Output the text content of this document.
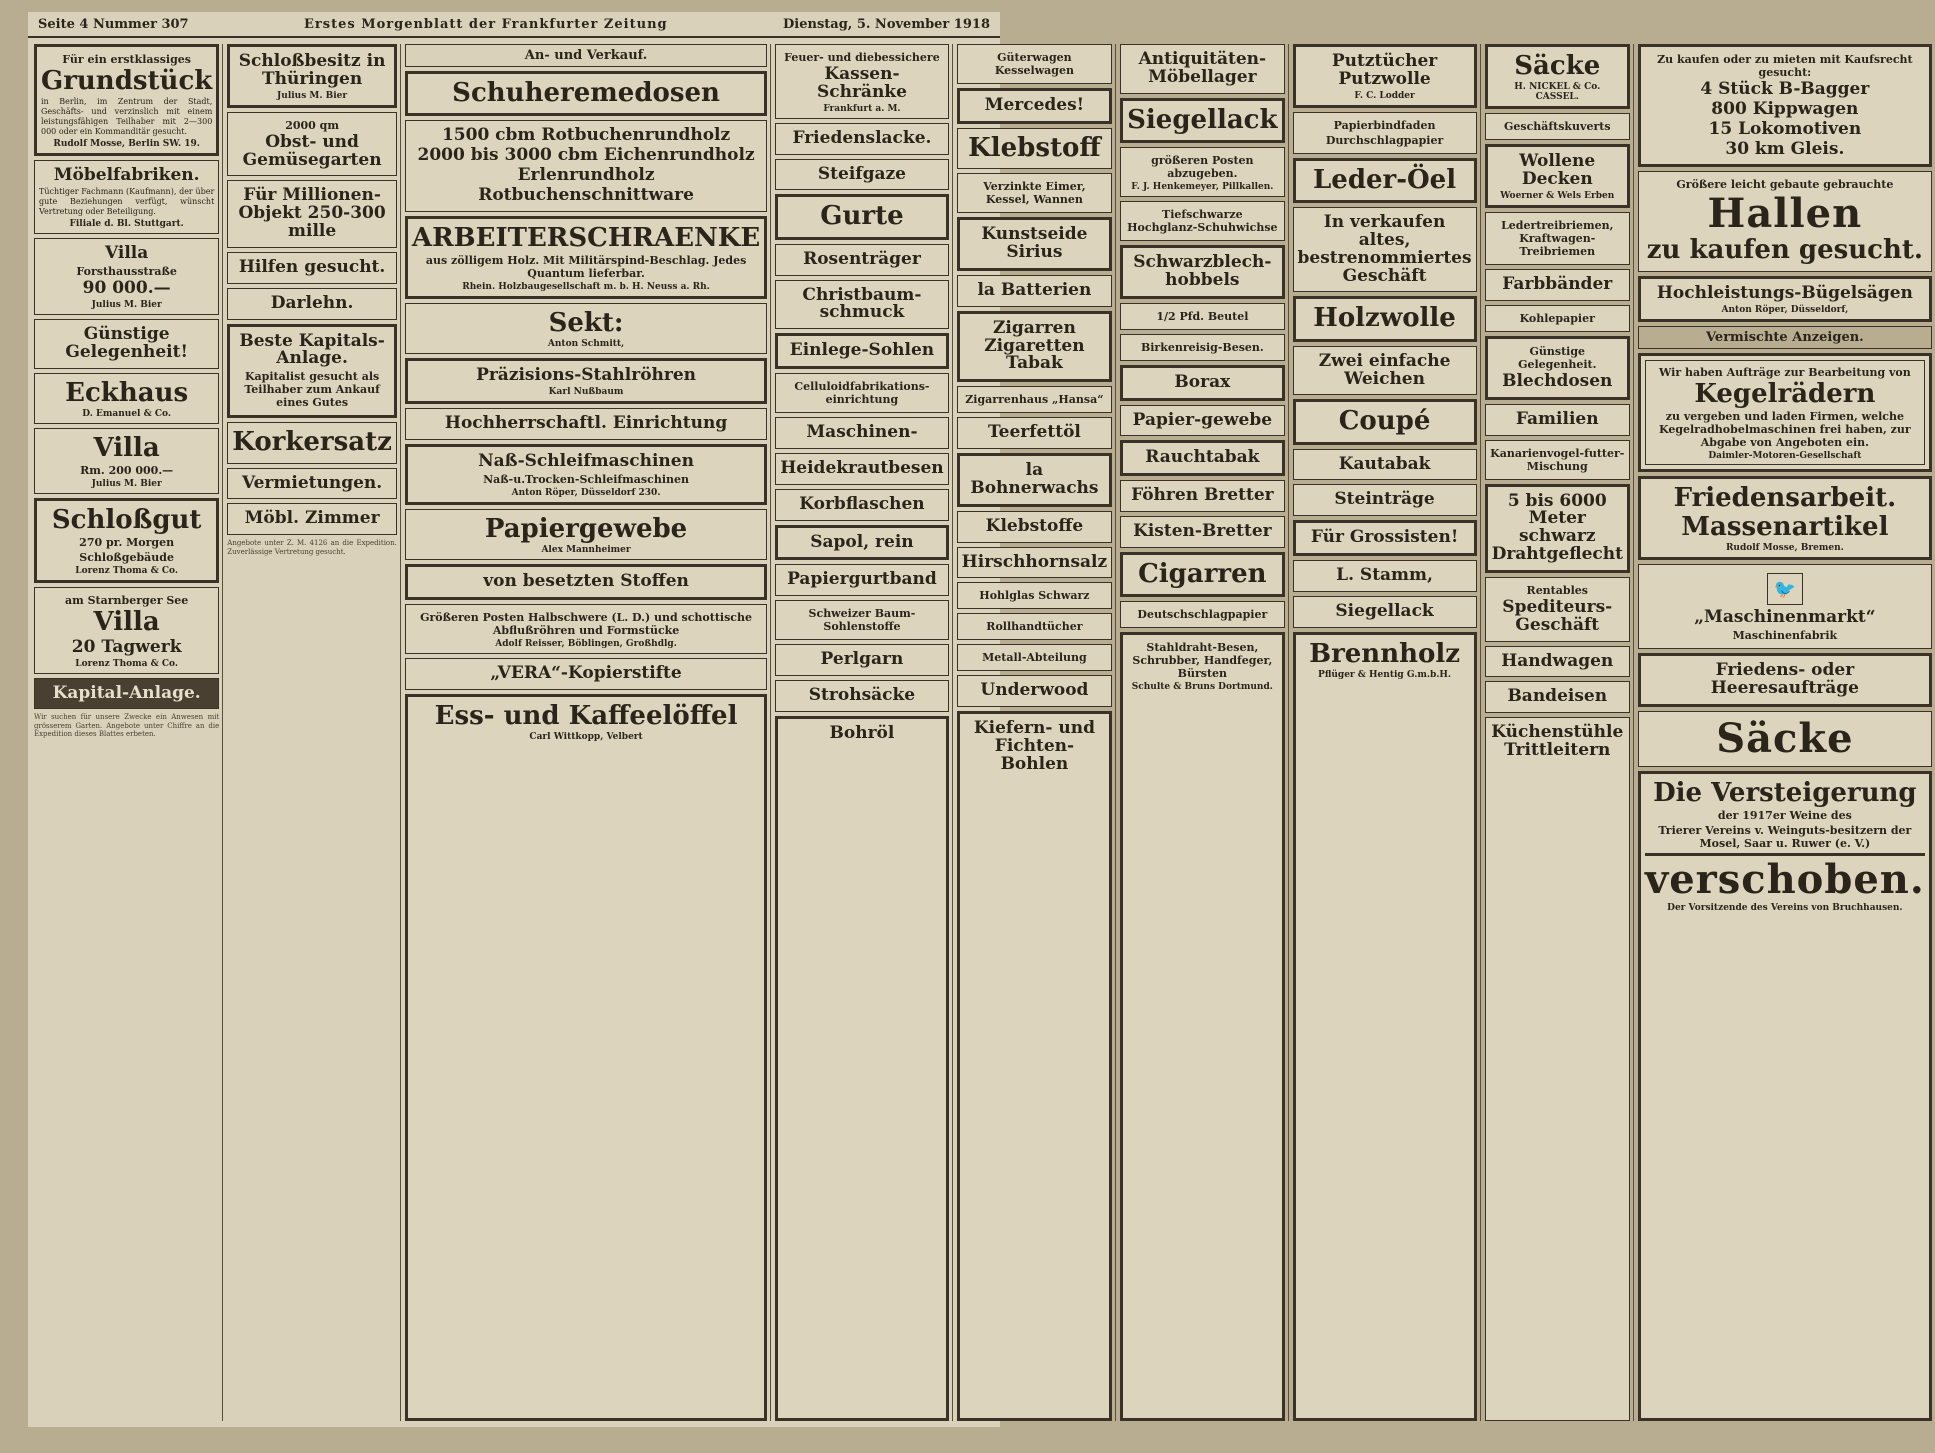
Seite 4 Nummer 307	Erstes Morgenblatt der Frankfurter Zeitung	Dienstag, 5. November 1918
Für ein erstklassiges
Grundstück
in Berlin, im Zentrum der Stadt, Geschäfts- und verzinslich mit einem leistungsfähigen Teilhaber mit 2—300 000 oder ein Kommanditär gesucht.
Rudolf Mosse, Berlin SW. 19.
Möbelfabriken.
Tüchtiger Fachmann (Kaufmann), der über gute Beziehungen verfügt, wünscht Vertretung oder Beteiligung.
Filiale d. Bl. Stuttgart.
Villa
Forsthausstraße
90 000.—
Julius M. Bier
Günstige Gelegenheit!
Eckhaus
D. Emanuel & Co.
Villa
Rm. 200 000.—
Julius M. Bier
Schloßgut
270 pr. Morgen
Schloßgebäude
Lorenz Thoma & Co.
am Starnberger See
Villa
20 Tagwerk
Lorenz Thoma & Co.
Kapital-Anlage.
Wir suchen für unsere Zwecke ein Anwesen mit grösserem Garten. Angebote unter Chiffre an die Expedition dieses Blattes erbeten.
Schloßbesitz in Thüringen
Julius M. Bier
2000 qm
Obst- und Gemüsegarten
Für Millionen-Objekt 250-300 mille
Hilfen gesucht.
Darlehn.
Beste Kapitals-Anlage.
Kapitalist gesucht als Teilhaber zum Ankauf eines Gutes
Korkersatz
Vermietungen.
Möbl. Zimmer
Angebote unter Z. M. 4126 an die Expedition. Zuverlässige Vertretung gesucht.
An- und Verkauf.
Schuheremedosen
1500 cbm Rotbuchenrundholz
2000 bis 3000 cbm Eichenrundholz
Erlenrundholz
Rotbuchenschnittware
ARBEITERSCHRAENKE
aus zölligem Holz. Mit Militärspind-Beschlag. Jedes Quantum lieferbar.
Rhein. Holzbaugesellschaft m. b. H. Neuss a. Rh.
Sekt:
Anton Schmitt,
Präzisions-Stahlröhren
Karl Nußbaum
Hochherrschaftl. Einrichtung
Naß-Schleifmaschinen
Naß-u.Trocken-Schleifmaschinen
Anton Röper, Düsseldorf 230.
Papiergewebe
Alex Mannheimer
von besetzten Stoffen
Größeren Posten Halbschwere (L. D.) und schottische Abflußröhren und Formstücke
Adolf Reisser, Böblingen, Großhdlg.
„VERA“-Kopierstifte
Ess- und Kaffeelöffel
Carl Wittkopp, Velbert
Feuer- und diebessichere
Kassen-Schränke
Frankfurt a. M.
Friedenslacke.
Steifgaze
Gurte
Rosenträger
Christbaum-schmuck
Einlege-Sohlen
Celluloidfabrikations-einrichtung
Maschinen-
Heidekrautbesen
Korbflaschen
Sapol, rein
Papiergurtband
Schweizer Baum-Sohlenstoffe
Perlgarn
Strohsäcke
Bohröl
Güterwagen Kesselwagen
Mercedes!
Klebstoff
Verzinkte Eimer, Kessel, Wannen
Kunstseide Sirius
la Batterien
Zigarren Zigaretten Tabak
Zigarrenhaus „Hansa“
Teerfettöl
la Bohnerwachs
Klebstoffe
Hirschhornsalz
Hohlglas Schwarz
Rollhandtücher
Metall-Abteilung
Underwood
Kiefern- und Fichten-Bohlen
Antiquitäten-Möbellager
Siegellack
größeren Posten abzugeben.
F. J. Henkemeyer, Pillkallen.
Tiefschwarze Hochglanz-Schuhwichse
Schwarzblech-hobbels
1/2 Pfd. Beutel
Birkenreisig-Besen.
Borax
Papier-gewebe
Rauchtabak
Föhren Bretter
Kisten-Bretter
Cigarren
Deutschschlagpapier
Stahldraht-Besen, Schrubber, Handfeger, Bürsten
Schulte & Bruns Dortmund.
Putztücher Putzwolle
F. C. Lodder
Papierbindfaden
Durchschlagpapier
Leder-Öel
In verkaufen altes, bestrenommiertes Geschäft
Holzwolle
Zwei einfache Weichen
Coupé
Kautabak
Steinträge
Für Grossisten!
L. Stamm,
Siegellack
Brennholz
Pflüger & Hentig G.m.b.H.
Säcke
H. NICKEL & Co. CASSEL.
Geschäftskuverts
Wollene Decken
Woerner & Wels Erben
Ledertreibriemen, Kraftwagen-Treibriemen
Farbbänder
Kohlepapier
Günstige Gelegenheit.
Blechdosen
Familien
Kanarienvogel-futter-Mischung
5 bis 6000 Meter schwarz Drahtgeflecht
Rentables
Spediteurs-Geschäft
Handwagen
Bandeisen
Küchenstühle Trittleitern
Zu kaufen oder zu mieten mit Kaufsrecht gesucht:
4 Stück B-Bagger
800 Kippwagen
15 Lokomotiven
30 km Gleis.
Größere leicht gebaute gebrauchte
Hallen
zu kaufen gesucht.
Hochleistungs-Bügelsägen
Anton Röper, Düsseldorf,
Vermischte Anzeigen.
Wir haben Aufträge zur Bearbeitung von
Kegelrädern
zu vergeben und laden Firmen, welche Kegelradhobelmaschinen frei haben, zur Abgabe von Angeboten ein.
Daimler-Motoren-Gesellschaft
Friedensarbeit.
Massenartikel
Rudolf Mosse, Bremen.
🐦
„Maschinenmarkt“
Maschinenfabrik
Friedens- oder Heeresaufträge
Säcke
Die Versteigerung
der 1917er Weine des
Trierer Vereins v. Weinguts-besitzern der Mosel, Saar u. Ruwer (e. V.)
verschoben.
Der Vorsitzende des Vereins von Bruchhausen.
